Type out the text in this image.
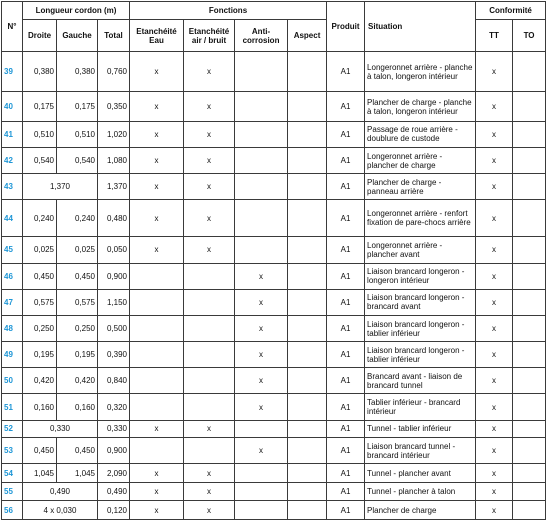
N°	Longueur cordon (m)			Fonctions				Produit	Situation	Conformité	
	Droite	Gauche	Total	Etanchéité Eau	Etanchéité air / bruit	Anti-corrosion	Aspect			TT	TO
39	0,380	0,380	0,760	x	x			A1	Longeronnet arrière - planche à talon, longeron intérieur	x	
40	0,175	0,175	0,350	x	x			A1	Plancher de charge - planche à talon, longeron intérieur	x	
41	0,510	0,510	1,020	x	x			A1	Passage de roue arrière - doublure de custode	x	
42	0,540	0,540	1,080	x	x			A1	Longeronnet arrière - plancher de charge	x	
43	1,370		1,370	x	x			A1	Plancher de charge - panneau arrière	x	
44	0,240	0,240	0,480	x	x			A1	Longeronnet arrière - renfort fixation de pare-chocs arrière	x	
45	0,025	0,025	0,050	x	x			A1	Longeronnet arrière - plancher avant	x	
46	0,450	0,450	0,900			x		A1	Liaison brancard longeron - longeron intérieur	x	
47	0,575	0,575	1,150			x		A1	Liaison brancard longeron - brancard avant	x	
48	0,250	0,250	0,500			x		A1	Liaison brancard longeron - tablier inférieur	x	
49	0,195	0,195	0,390			x		A1	Liaison brancard longeron - tablier inférieur	x	
50	0,420	0,420	0,840			x		A1	Brancard avant - liaison de brancard tunnel	x	
51	0,160	0,160	0,320			x		A1	Tablier inférieur - brancard intérieur	x	
52	0,330		0,330	x	x			A1	Tunnel - tablier inférieur	x	
53	0,450	0,450	0,900			x		A1	Liaison brancard tunnel - brancard intérieur	x	
54	1,045	1,045	2,090	x	x			A1	Tunnel - plancher avant	x	
55	0,490		0,490	x	x			A1	Tunnel - plancher à talon	x	
56	4 x 0,030		0,120	x	x			A1	Plancher de charge	x	
